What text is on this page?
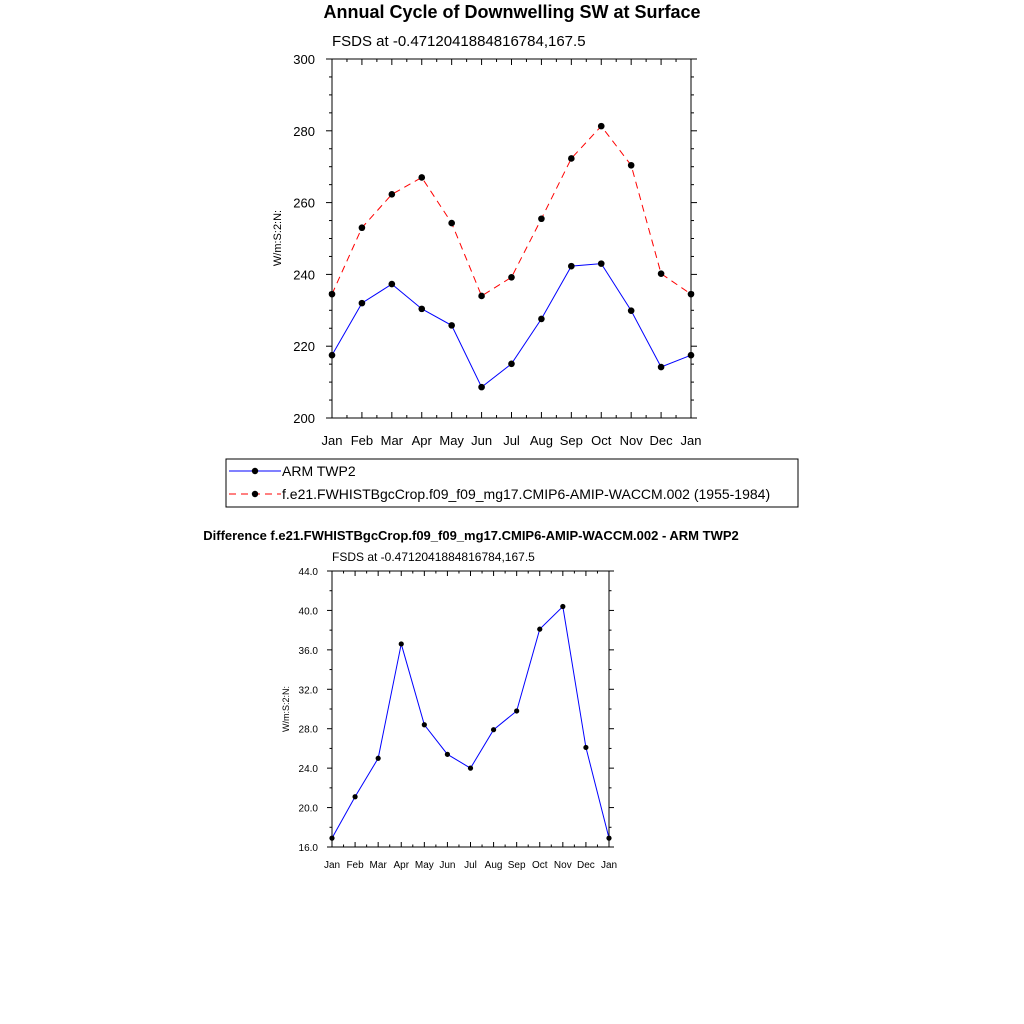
Annual Cycle of Downwelling SW at Surface
FSDS at -0.4712041884816784,167.5
W/m:S:2:N:
Jan Feb Mar Apr May Jun Jul Aug Sep Oct Nov Dec Jan
200
220
240
260
280
300
ARM TWP2
f.e21.FWHISTBgcCrop.f09_f09_mg17.CMIP6-AMIP-WACCM.002 (1955-1984)
Difference f.e21.FWHISTBgcCrop.f09_f09_mg17.CMIP6-AMIP-WACCM.002 - ARM TWP2
FSDS at -0.4712041884816784,167.5
W/m:S:2:N:
Jan Feb Mar Apr May Jun Jul Aug Sep Oct Nov Dec Jan
16.0
20.0
24.0
28.0
32.0
36.0
40.0
44.0
